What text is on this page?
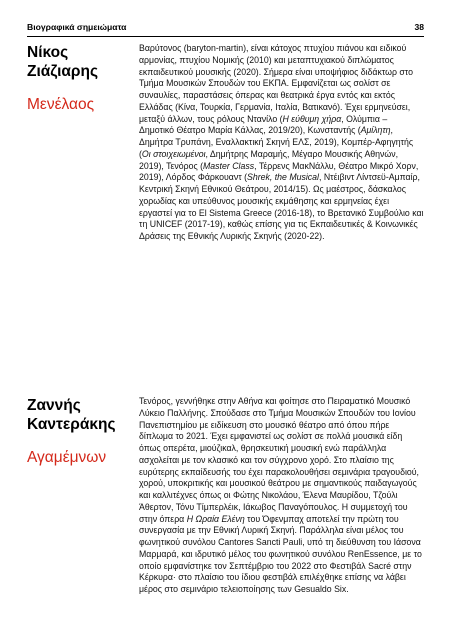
Βιογραφικά σημειώματα	38
Νίκος
Ζιάζιαρης
Μενέλαος

Βαρύτονος (baryton-martin), είναι κάτοχος πτυχίου πιάνου και ειδικού αρμονίας, πτυχίου Νομικής (2010) και μεταπτυχιακού διπλώματος εκπαιδευτικού μουσικής (2020). Σήμερα είναι υποψήφιος διδάκτωρ στο Τμήμα Μουσικών Σπουδών του ΕΚΠΑ. Εμφανίζεται ως σολίστ σε συναυλίες, παραστάσεις όπερας και θεατρικά έργα εντός και εκτός Ελλάδας (Κίνα, Τουρκία, Γερμανία, Ιταλία, Βατικανό). Έχει ερμηνεύσει, μεταξύ άλλων, τους ρόλους Ντανίλο (Η εύθυμη χήρα, Ολύμπια – Δημοτικό Θέατρο Μαρία Κάλλας, 2019/20), Κωνσταντής (Αμίλητη, Δημήτρα Τρυπάνη, Εναλλακτική Σκηνή ΕΛΣ, 2019), Κομπέρ-Αφηγητής (Οι στοιχειωμένοι, Δημήτρης Μαραμής, Μέγαρο Μουσικής Αθηνών, 2019), Τενόρος (Master Class, Τέρρενς ΜακΝάλλυ, Θέατρο Μικρό Χορν, 2019), Λόρδος Φάρκουαντ (Shrek, the Musical, Ντέιβιντ Λίντσεϋ-Αμπαίρ, Κεντρική Σκηνή Εθνικού Θεάτρου, 2014/15). Ως μαέστρος, δάσκαλος χορωδίας και υπεύθυνος μουσικής εκμάθησης και ερμηνείας έχει εργαστεί για το El Sistema Greece (2016-18), το Βρετανικό Συμβούλιο και τη UNICEF (2017-19), καθώς επίσης για τις Εκπαιδευτικές & Κοινωνικές Δράσεις της Εθνικής Λυρικής Σκηνής (2020-22).

Ζαννής
Καντεράκης
Αγαμέμνων

Τενόρος, γεννήθηκε στην Αθήνα και φοίτησε στο Πειραματικό Μουσικό Λύκειο Παλλήνης. Σπούδασε στο Τμήμα Μουσικών Σπουδών του Ιονίου Πανεπιστημίου με ειδίκευση στο μουσικό θέατρο από όπου πήρε δίπλωμα το 2021. Έχει εμφανιστεί ως σολίστ σε πολλά μουσικά είδη όπως οπερέτα, μιούζικαλ, θρησκευτική μουσική ενώ παράλληλα ασχολείται με τον κλασικό και τον σύγχρονο χορό. Στο πλαίσιο της ευρύτερης εκπαίδευσής του έχει παρακολουθήσει σεμινάρια τραγουδιού, χορού, υποκριτικής και μουσικού θεάτρου με σημαντικούς παιδαγωγούς και καλλιτέχνες όπως οι Φώτης Νικολάου, Έλενα Μαυρίδου, Τζούλι Άθερτον, Τόνυ Τίμπερλέικ, Ιάκωβος Παναγόπουλος. Η συμμετοχή του στην όπερα Η Ωραία Ελένη του Όφενμπαχ αποτελεί την πρώτη του συνεργασία με την Εθνική Λυρική Σκηνή. Παράλληλα είναι μέλος του φωνητικού συνόλου Cantores Sancti Pauli, υπό τη διεύθυνση του Ιάσονα Μαρμαρά, και ιδρυτικό μέλος του φωνητικού συνόλου RenEssence, με το οποίο εμφανίστηκε τον Σεπτέμβριο του 2022 στο Φεστιβάλ Sacré στην Κέρκυρα· στο πλαίσιο του ίδιου φεστιβάλ επιλέχθηκε επίσης να λάβει μέρος στο σεμινάριο τελειοποίησης των Gesualdo Six.
